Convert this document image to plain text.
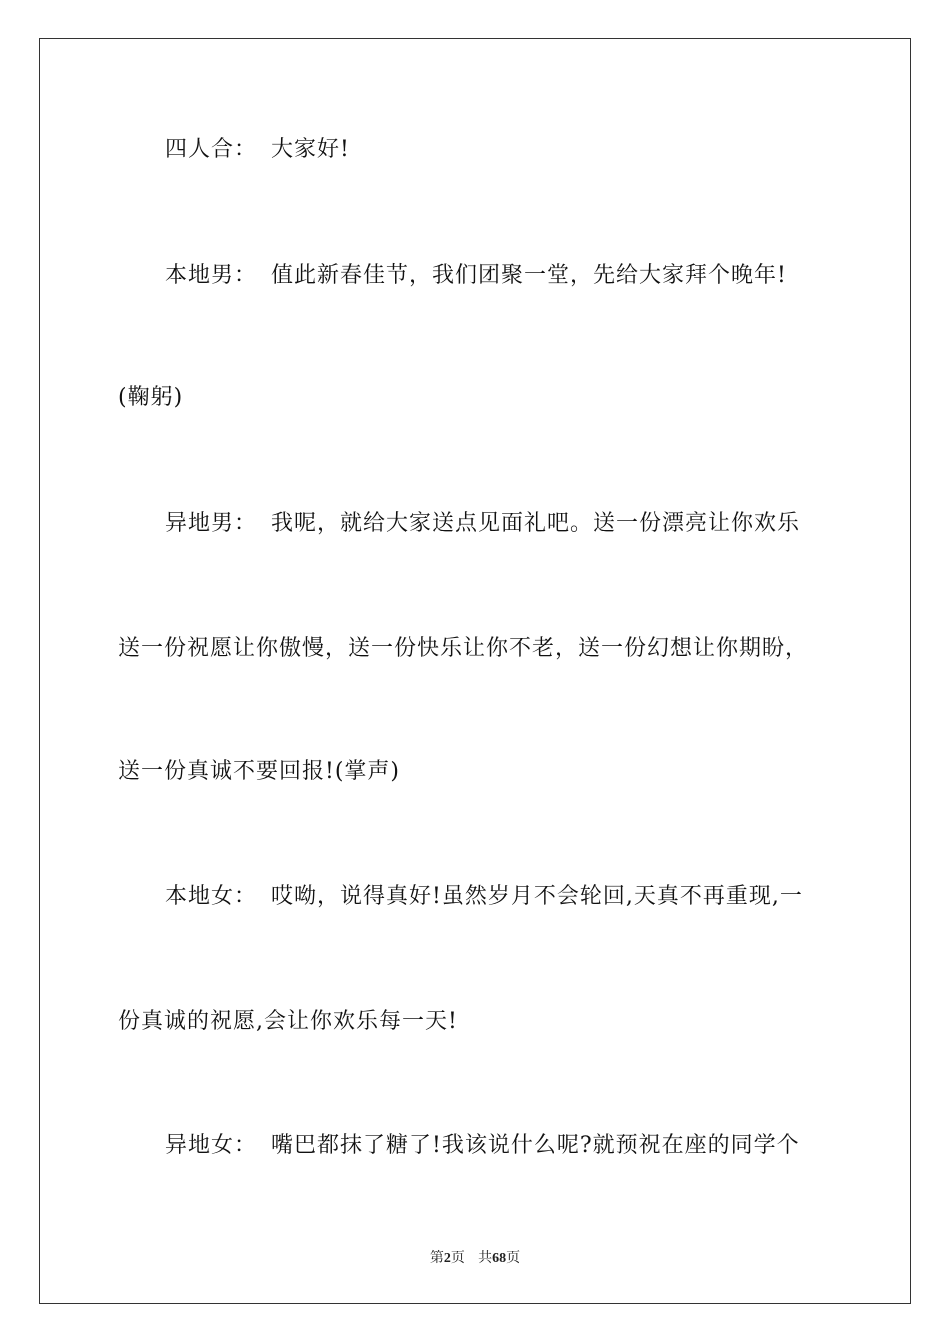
四人合： 大家好!
本地男： 值此新春佳节，我们团聚一堂，先给大家拜个晚年!
(鞠躬)
异地男： 我呢，就给大家送点见面礼吧。送一份漂亮让你欢乐
送一份祝愿让你傲慢，送一份快乐让你不老，送一份幻想让你期盼，
送一份真诚不要回报!(掌声)
本地女： 哎呦，说得真好!虽然岁月不会轮回,天真不再重现,一
份真诚的祝愿,会让你欢乐每一天!
异地女： 嘴巴都抹了糖了!我该说什么呢?就预祝在座的同学个
第2页 共68页
